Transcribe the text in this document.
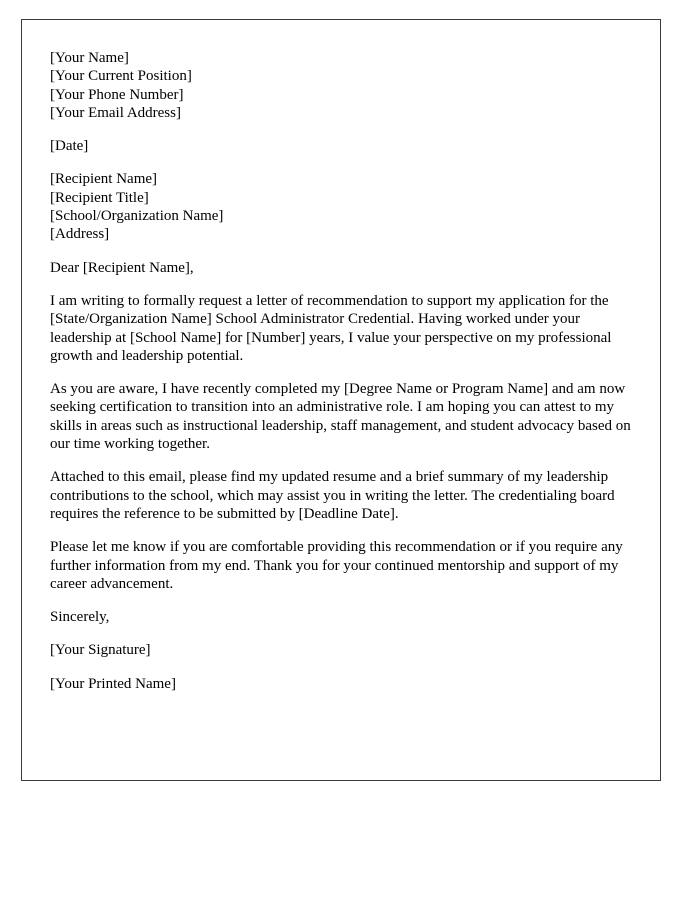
[Your Name]
[Your Current Position]
[Your Phone Number]
[Your Email Address]
[Date]
[Recipient Name]
[Recipient Title]
[School/Organization Name]
[Address]
Dear [Recipient Name],
I am writing to formally request a letter of recommendation to support my application for the [State/Organization Name] School Administrator Credential. Having worked under your leadership at [School Name] for [Number] years, I value your perspective on my professional growth and leadership potential.
As you are aware, I have recently completed my [Degree Name or Program Name] and am now seeking certification to transition into an administrative role. I am hoping you can attest to my skills in areas such as instructional leadership, staff management, and student advocacy based on our time working together.
Attached to this email, please find my updated resume and a brief summary of my leadership contributions to the school, which may assist you in writing the letter. The credentialing board requires the reference to be submitted by [Deadline Date].
Please let me know if you are comfortable providing this recommendation or if you require any further information from my end. Thank you for your continued mentorship and support of my career advancement.
Sincerely,
[Your Signature]
[Your Printed Name]
